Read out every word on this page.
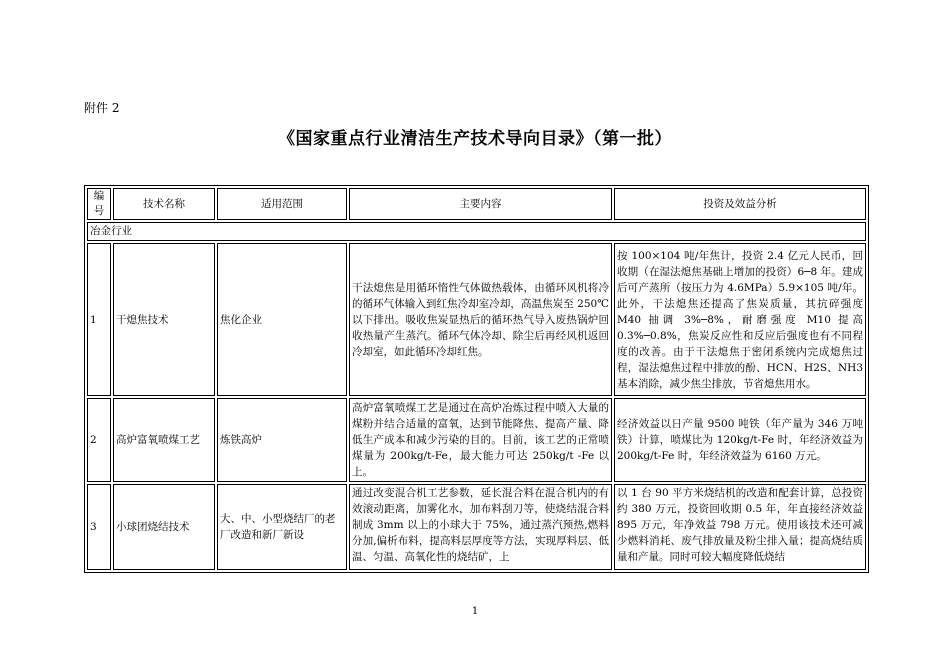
附件 2
《国家重点行业清洁生产技术导向目录》（第一批）
编号	技术名称	适用范围	主要内容	投资及效益分析
冶金行业				
1	干熄焦技术	焦化企业	干法熄焦是用循环惰性气体做热载体，由循环风机将冷的循环气体输入到红焦冷却室冷却，高温焦炭至 250℃以下排出。吸收焦炭显热后的循环热气导入废热锅炉回收热量产生蒸汽。循环气体冷却、除尘后再经风机返回冷却室，如此循环冷却红焦。	按 100×104 吨/年焦计，投资 2.4 亿元人民币，回收期（在湿法熄焦基础上增加的投资）6─8 年。建成后可产蒸所（按压力为 4.6MPa）5.9×105 吨/年。此外，干法熄焦还提高了焦炭质量，其抗碎强度 M40 抽调 3%─8%，耐磨强度 M10 提高 0.3%─0.8%，焦炭反应性和反应后强度也有不同程度的改善。由于干法熄焦于密闭系统内完成熄焦过程，湿法熄焦过程中排放的酚、HCN、H2S、NH3 基本消除，减少焦尘排放，节省熄焦用水。
2	高炉富氧喷煤工艺	炼铁高炉	高炉富氧喷煤工艺是通过在高炉冶炼过程中喷入大量的煤粉并结合适量的富氧，达到节能降焦、提高产量、降低生产成本和减少污染的目的。目前，该工艺的正常喷煤量为 200kg/t-Fe，最大能力可达 250kg/t -Fe 以上。	经济效益以日产量 9500 吨铁（年产量为 346 万吨铁）计算，喷煤比为 120kg/t-Fe 时，年经济效益为 200kg/t-Fe 时，年经济效益为 6160 万元。
3	小球团烧结技术	大、中、小型烧结厂的老厂改造和新厂新设	通过改变混合机工艺参数，延长混合料在混合机内的有效滚动距离，加雾化水，加布料刮刀等，使烧结混合料制成 3mm 以上的小球大于 75%，通过蒸汽预热,燃料分加,偏析布料，提高料层厚度等方法，实现厚料层、低温、匀温、高氧化性的烧结矿，上	以 1 台 90 平方米烧结机的改造和配套计算，总投资约 380 万元，投资回收期 0.5 年，年直接经济效益 895 万元，年净效益 798 万元。使用该技术还可减少燃料消耗、废气排放量及粉尘排入量；提高烧结质量和产量。同时可较大幅度降低烧结
1
